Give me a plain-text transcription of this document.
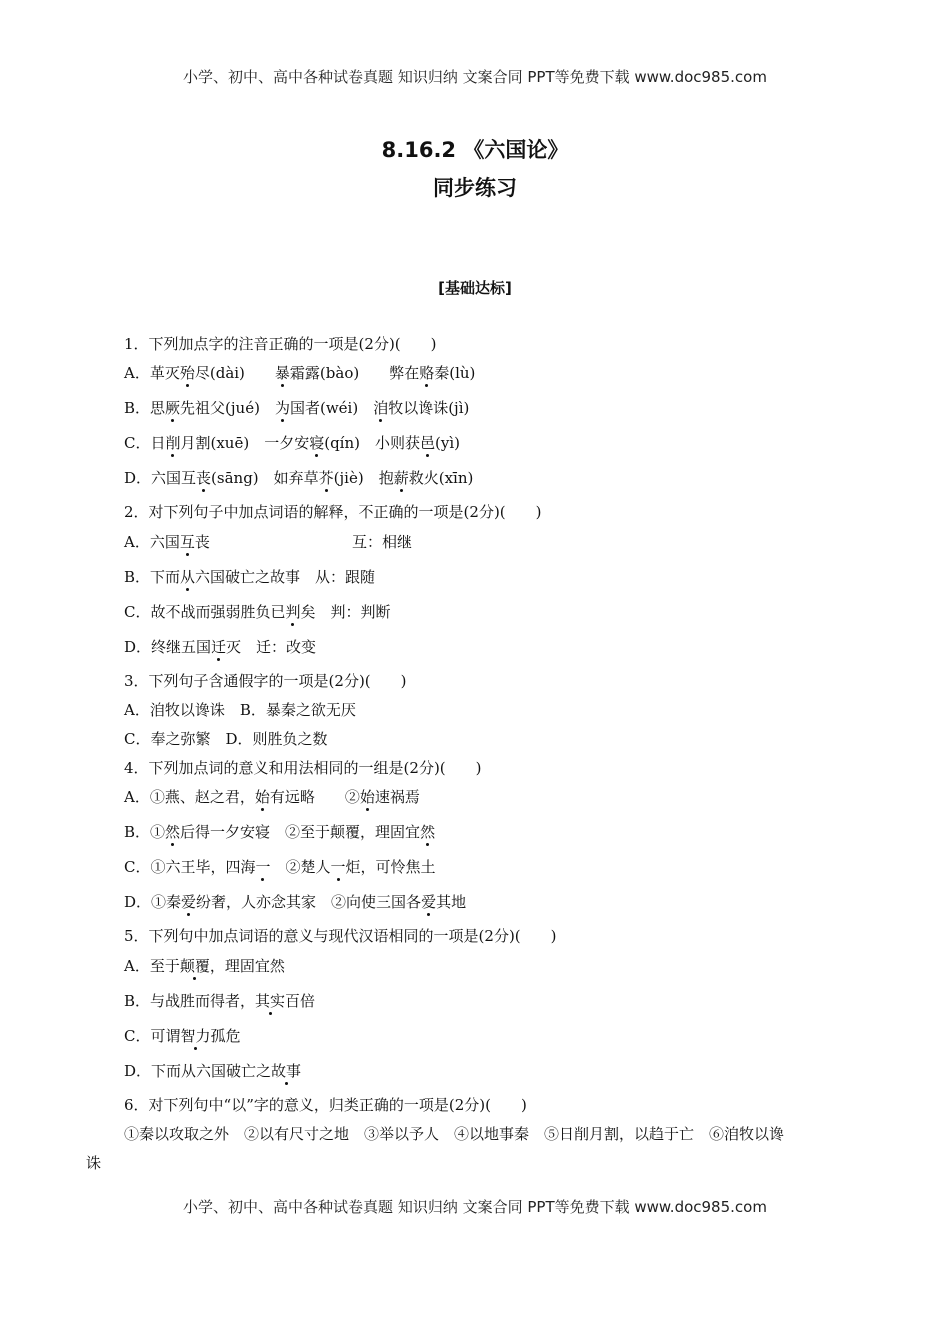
小学、初中、高中各种试卷真题 知识归纳 文案合同 PPT等免费下载 www.doc985.com
8.16.2 《六国论》
同步练习
[基础达标]
1．下列加点字的注音正确的一项是(2分)(　　)
A．革灭殆尽(dài)　　暴霜露(bào)　　弊在赂秦(lù)
B．思厥先祖父(jué)　为国者(wéi)　洎牧以谗诛(jì)
C．日削月割(xuē)　一夕安寝(qín)　小则获邑(yì)
D．六国互丧(sāng)　如弃草芥(jiè)　抱薪救火(xīn)
2．对下列句子中加点词语的解释，不正确的一项是(2分)(　　)
A．六国互丧	互：相继
B．下而从六国破亡之故事　从：跟随
C．故不战而强弱胜负已判矣　判：判断
D．终继五国迁灭　迁：改变
3．下列句子含通假字的一项是(2分)(　　)
A．洎牧以谗诛　B．暴秦之欲无厌
C．奉之弥繁　D．则胜负之数
4．下列加点词的意义和用法相同的一组是(2分)(　　)
A．①燕、赵之君，始有远略　　②始速祸焉
B．①然后得一夕安寝　②至于颠覆，理固宜然
C．①六王毕，四海一　②楚人一炬，可怜焦土
D．①秦爱纷奢，人亦念其家　②向使三国各爱其地
5．下列句中加点词语的意义与现代汉语相同的一项是(2分)(　　)
A．至于颠覆，理固宜然
B．与战胜而得者，其实百倍
C．可谓智力孤危
D．下而从六国破亡之故事
6．对下列句中“以”字的意义，归类正确的一项是(2分)(　　)
①秦以攻取之外　②以有尺寸之地　③举以予人　④以地事秦　⑤日削月割，以趋于亡　⑥洎牧以谗
诛
小学、初中、高中各种试卷真题 知识归纳 文案合同 PPT等免费下载 www.doc985.com
